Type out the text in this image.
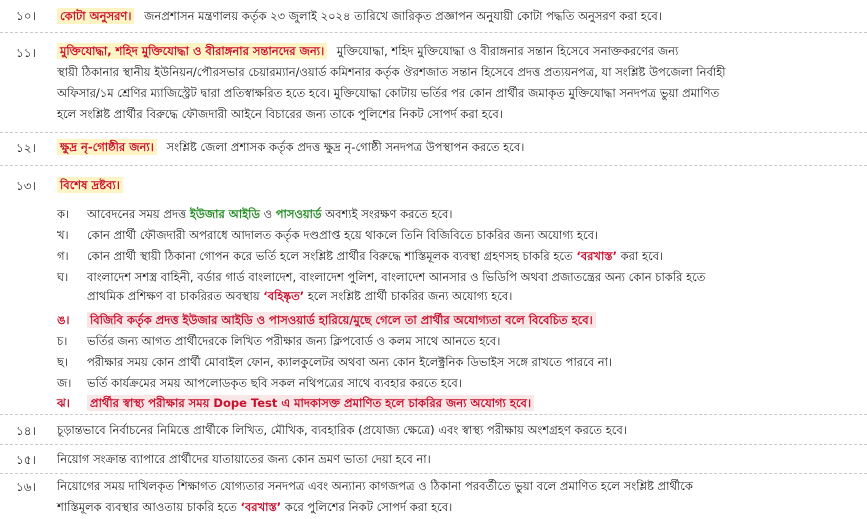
১০। কোটা অনুসরণ। জনপ্রশাসন মন্ত্রণালয় কর্তৃক ২৩ জুলাই ২০২৪ তারিখে জারিকৃত প্রজ্ঞাপন অনুযায়ী কোটা পদ্ধতি অনুসরণ করা হবে।
১১। মুক্তিযোদ্ধা, শহিদ মুক্তিযোদ্ধা ও বীরাঙ্গনার সন্তানদের জন্য। মুক্তিযোদ্ধা, শহিদ মুক্তিযোদ্ধা ও বীরাঙ্গনার সন্তান হিসেবে সনাক্তকরণের জন্য
স্থায়ী ঠিকানার স্থানীয় ইউনিয়ন/পৌরসভার চেয়ারম্যান/ওয়ার্ড কমিশনার কর্তৃক ঔরশজাত সন্তান হিসেবে প্রদত্ত প্রত্যয়নপত্র, যা সংশ্লিষ্ট উপজেলা নির্বাহী
অফিসার/১ম শ্রেণির ম্যাজিস্ট্রেট দ্বারা প্রতিস্বাক্ষরিত হতে হবে। মুক্তিযোদ্ধা কোটায় ভর্তির পর কোন প্রার্থীর জমাকৃত মুক্তিযোদ্ধা সনদপত্র ভুয়া প্রমাণিত
হলে সংশ্লিষ্ট প্রার্থীর বিরুদ্ধে ফৌজদারী আইনে বিচারের জন্য তাকে পুলিশের নিকট সোপর্দ করা হবে।
১২। ক্ষুদ্র নৃ-গোষ্ঠীর জন্য। সংশ্লিষ্ট জেলা প্রশাসক কর্তৃক প্রদত্ত ক্ষুদ্র নৃ-গোষ্ঠী সনদপত্র উপস্থাপন করতে হবে।
১৩। বিশেষ দ্রষ্টব্য।
ক।	আবেদনের সময় প্রদত্ত ইউজার আইডি ও পাসওয়ার্ড অবশ্যই সংরক্ষণ করতে হবে।
খ।	কোন প্রার্থী ফৌজদারী অপরাধে আদালত কর্তৃক দণ্ডপ্রাপ্ত হয়ে থাকলে তিনি বিজিবিতে চাকরির জন্য অযোগ্য হবে।
গ।	কোন প্রার্থী স্থায়ী ঠিকানা গোপন করে ভর্তি হলে সংশ্লিষ্ট প্রার্থীর বিরুদ্ধে শাস্তিমূলক ব্যবস্থা গ্রহণসহ চাকরি হতে ‘বরখাস্ত’ করা হবে।
ঘ।	বাংলাদেশ সশস্ত্র বাহিনী, বর্ডার গার্ড বাংলাদেশ, বাংলাদেশ পুলিশ, বাংলাদেশ আনসার ও ভিডিপি অথবা প্রজাতন্ত্রের অন্য কোন চাকরি হতে
প্রাথমিক প্রশিক্ষণ বা চাকরিরত অবস্থায় ‘বহিষ্কৃত’ হলে সংশ্লিষ্ট প্রার্থী চাকরির জন্য অযোগ্য হবে।
ঙ।	বিজিবি কর্তৃক প্রদত্ত ইউজার আইডি ও পাসওয়ার্ড হারিয়ে/মুছে গেলে তা প্রার্থীর অযোগ্যতা বলে বিবেচিত হবে।
চ।	ভর্তির জন্য আগত প্রার্থীদেরকে লিখিত পরীক্ষার জন্য ক্লিপবোর্ড ও কলম সাথে আনতে হবে।
ছ।	পরীক্ষার সময় কোন প্রার্থী মোবাইল ফোন, ক্যালকুলেটর অথবা অন্য কোন ইলেক্ট্রনিক ডিভাইস সঙ্গে রাখতে পারবে না।
জ।	ভর্তি কার্যক্রমের সময় আপলোডকৃত ছবি সকল নথিপত্রের সাথে ব্যবহার করতে হবে।
ঝ।	প্রার্থীর স্বাস্থ্য পরীক্ষার সময় Dope Test এ মাদকাসক্ত প্রমাণিত হলে চাকরির জন্য অযোগ্য হবে।
১৪। চূড়ান্তভাবে নির্বাচনের নিমিত্তে প্রার্থীকে লিখিত, মৌখিক, ব্যবহারিক (প্রযোজ্য ক্ষেত্রে) এবং স্বাস্থ্য পরীক্ষায় অংশগ্রহণ করতে হবে।
১৫। নিয়োগ সংক্রান্ত ব্যাপারে প্রার্থীদের যাতায়াতের জন্য কোন ভ্রমণ ভাতা দেয়া হবে না।
১৬। নিয়োগের সময় দাখিলকৃত শিক্ষাগত যোগ্যতার সনদপত্র এবং অন্যান্য কাগজপত্র ও ঠিকানা পরবর্তীতে ভুয়া বলে প্রমাণিত হলে সংশ্লিষ্ট প্রার্থীকে
শাস্তিমূলক ব্যবস্থার আওতায় চাকরি হতে ‘বরখাস্ত’ করে পুলিশের নিকট সোপর্দ করা হবে।
